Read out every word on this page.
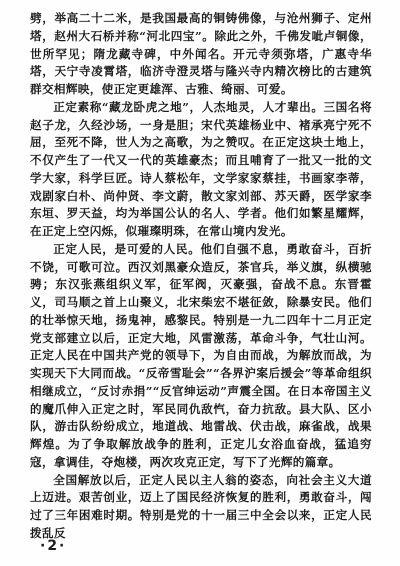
劈，举高二十二米，是我国最高的铜铸佛像，与沧州狮子、定州塔，赵州大石桥并称“河北四宝”。除此之外，千佛发呲卢铜像，世所罕见；隋龙藏寺碑，中外闻名。开元寺须弥塔，广惠寺华塔，天宁寺凌霄塔，临济寺澄灵塔与隆兴寺内精次榜比的古建筑群交相辉映，使正定更雄浑、古雅、绮丽、可爱。

正定素称“藏龙卧虎之地”，人杰地灵，人才辈出。三国名将赵子龙，久经沙场，一身是胆；宋代英雄杨业中、褚承亮宁死不屈，至死不降，世人为之高歌，为之赞叹。在正定这块土地上，不仅产生了一代又一代的英雄豪杰；而且哺育了一批又一批的文学大家，科学巨匠。诗人蔡松年，文学家家蔡挂，书画家李蒂，戏剧家白朴、尚仲贤、李文蔚，散文家刘部、苏天爵，医学家李东垣、罗天益，均为举国公认的名人、学者。他们如繁星耀辉，在正定上空闪烁，似璀璨明珠，在常山境内发光。

正定人民，是可爱的人民。他们自强不息，勇敢奋斗，百折不饶，可歌可泣。西汉刘黑豪众造反，茶官兵，举义旗，纵横驰骋；东汉张燕组织义军，征军阀，灭豪强，奋战不息。东晋霍义，司马顺之首上山聚义，北宋柴宏不堪征敛，除暴安民。他们的壮举惊天地，扬鬼神，感黎民。特别是一九二四年十二月正定党支部建立以后，正定大地，风雷激荡，革命斗争，气壮山河。正定人民在中国共产党的领导下，为自由而战，为解放而战，为实现天下大同而战。“反帝雪耻会”“各界沪案后援会”等革命组织相继成立，“反讨赤捐”“反官绅运动”声震全国。在日本帝国主义的魔爪伸入正定之时，军民同仇敌忾，奋力抗敌。县大队、区小队，游击队纷纷成立，地道战、地雷战、伏击战，麻雀战，战果辉煌。为了争取解放战争的胜利，正定儿女浴血奋战，猛追穷寇，拿调佳，夺炮楼，两次攻克正定，写下了光辉的篇章。

全国解放以后，正定人民以主人翁的姿态，向社会主义大道上迈进。艰苦创业，迈上了国民经济恢复的胜利，勇敢奋斗，闯过了三年困难时期。特别是党的十一届三中全会以来，正定人民拨乱反

·2·
